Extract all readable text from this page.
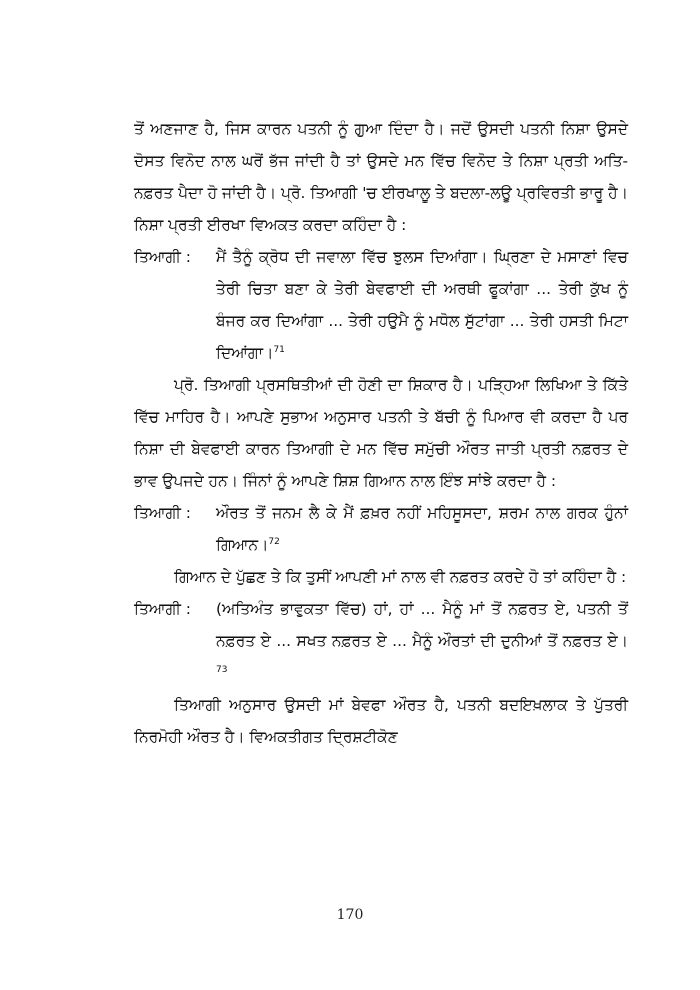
ਤੋਂ ਅਣਜਾਣ ਹੈ, ਜਿਸ ਕਾਰਨ ਪਤਨੀ ਨੂੰ ਗੁਆ ਦਿੰਦਾ ਹੈ। ਜਦੋਂ ਉਸਦੀ ਪਤਨੀ ਨਿਸ਼ਾ ਉਸਦੇ ਦੋਸਤ ਵਿਨੋਦ ਨਾਲ ਘਰੋਂ ਭੱਜ ਜਾਂਦੀ ਹੈ ਤਾਂ ਉਸਦੇ ਮਨ ਵਿੱਚ ਵਿਨੋਦ ਤੇ ਨਿਸ਼ਾ ਪ੍ਰਤੀ ਅਤਿ-ਨਫ਼ਰਤ ਪੈਦਾ ਹੋ ਜਾਂਦੀ ਹੈ। ਪ੍ਰੋ. ਤਿਆਗੀ 'ਚ ਈਰਖਾਲੂ ਤੇ ਬਦਲਾ-ਲਊ ਪ੍ਰਵਿਰਤੀ ਭਾਰੂ ਹੈ। ਨਿਸ਼ਾ ਪ੍ਰਤੀ ਈਰਖਾ ਵਿਅਕਤ ਕਰਦਾ ਕਹਿੰਦਾ ਹੈ :

ਤਿਆਗੀ :	ਮੈਂ ਤੈਨੂੰ ਕ੍ਰੋਧ ਦੀ ਜਵਾਲਾ ਵਿੱਚ ਝੁਲਸ ਦਿਆਂਗਾ। ਘ੍ਰਿਣਾ ਦੇ ਮਸਾਣਾਂ ਵਿਚ ਤੇਰੀ ਚਿਤਾ ਬਣਾ ਕੇ ਤੇਰੀ ਬੇਵਫਾਈ ਦੀ ਅਰਥੀ ਫੂਕਾਂਗਾ ... ਤੇਰੀ ਕੁੱਖ ਨੂੰ ਬੰਜਰ ਕਰ ਦਿਆਂਗਾ ... ਤੇਰੀ ਹਉਮੈ ਨੂੰ ਮਧੋਲ ਸੁੱਟਾਂਗਾ ... ਤੇਰੀ ਹਸਤੀ ਮਿਟਾ ਦਿਆਂਗਾ।$^{71}$

ਪ੍ਰੋ. ਤਿਆਗੀ ਪ੍ਰਸਥਿਤੀਆਂ ਦੀ ਹੋਣੀ ਦਾ ਸ਼ਿਕਾਰ ਹੈ। ਪੜ੍ਹਿਆ ਲਿਖਿਆ ਤੇ ਕਿੱਤੇ ਵਿੱਚ ਮਾਹਿਰ ਹੈ। ਆਪਣੇ ਸੁਭਾਅ ਅਨੁਸਾਰ ਪਤਨੀ ਤੇ ਬੱਚੀ ਨੂੰ ਪਿਆਰ ਵੀ ਕਰਦਾ ਹੈ ਪਰ ਨਿਸ਼ਾ ਦੀ ਬੇਵਫਾਈ ਕਾਰਨ ਤਿਆਗੀ ਦੇ ਮਨ ਵਿੱਚ ਸਮੁੱਚੀ ਔਰਤ ਜਾਤੀ ਪ੍ਰਤੀ ਨਫ਼ਰਤ ਦੇ ਭਾਵ ਉਪਜਦੇ ਹਨ। ਜਿੰਨਾਂ ਨੂੰ ਆਪਣੇ ਸ਼ਿਸ਼ ਗਿਆਨ ਨਾਲ ਇੰਝ ਸਾਂਝੇ ਕਰਦਾ ਹੈ :

ਤਿਆਗੀ :	ਔਰਤ ਤੋਂ ਜਨਮ ਲੈ ਕੇ ਮੈਂ ਫ਼ਖ਼ਰ ਨਹੀਂ ਮਹਿਸੂਸਦਾ, ਸ਼ਰਮ ਨਾਲ ਗਰਕ ਹੁੰਨਾਂ ਗਿਆਨ।$^{72}$

ਗਿਆਨ ਦੇ ਪੁੱਛਣ ਤੇ ਕਿ ਤੁਸੀਂ ਆਪਣੀ ਮਾਂ ਨਾਲ ਵੀ ਨਫ਼ਰਤ ਕਰਦੇ ਹੋ ਤਾਂ ਕਹਿੰਦਾ ਹੈ :

ਤਿਆਗੀ :	(ਅਤਿਅੰਤ ਭਾਵੁਕਤਾ ਵਿੱਚ) ਹਾਂ, ਹਾਂ ... ਮੈਨੂੰ ਮਾਂ ਤੋਂ ਨਫ਼ਰਤ ਏ, ਪਤਨੀ ਤੋਂ ਨਫ਼ਰਤ ਏ ... ਸਖਤ ਨਫ਼ਰਤ ਏ ... ਮੈਨੂੰ ਔਰਤਾਂ ਦੀ ਦੁਨੀਆਂ ਤੋਂ ਨਫ਼ਰਤ ਏ।$^{73}$

ਤਿਆਗੀ ਅਨੁਸਾਰ ਉਸਦੀ ਮਾਂ ਬੇਵਫਾ ਔਰਤ ਹੈ, ਪਤਨੀ ਬਦਇਖ਼ਲਾਕ ਤੇ ਪੁੱਤਰੀ ਨਿਰਮੋਹੀ ਔਰਤ ਹੈ। ਵਿਅਕਤੀਗਤ ਦ੍ਰਿਸ਼ਟੀਕੋਣ

170
